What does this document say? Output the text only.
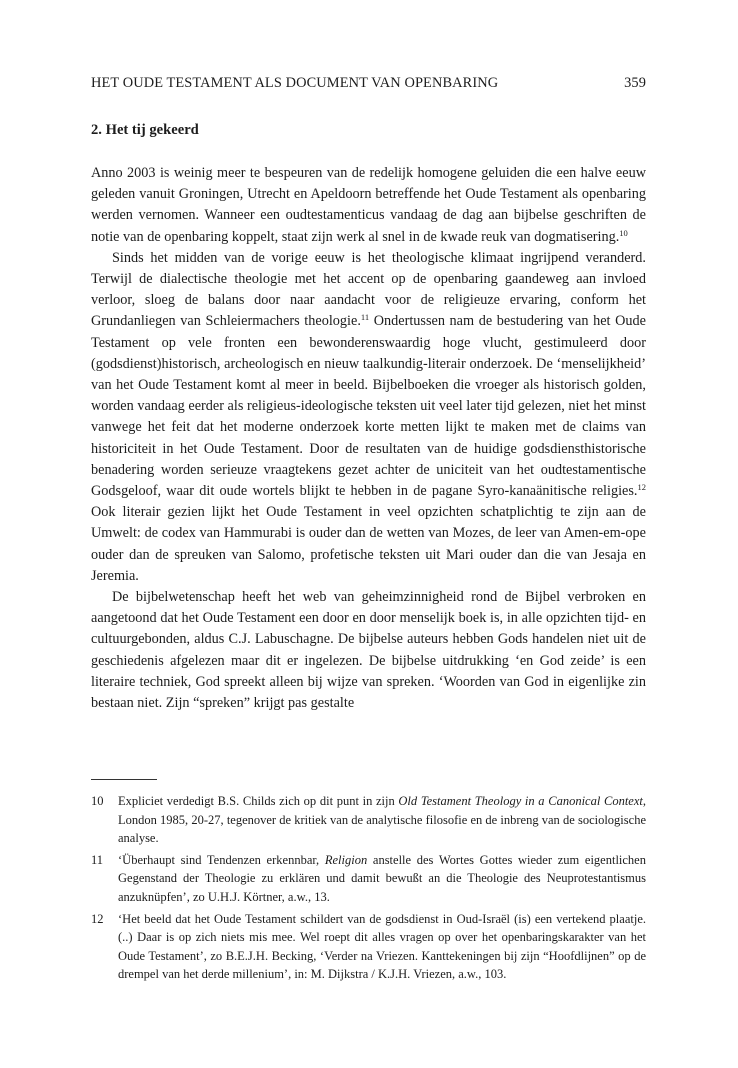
HET OUDE TESTAMENT ALS DOCUMENT VAN OPENBARING	359
2. Het tij gekeerd

Anno 2003 is weinig meer te bespeuren van de redelijk homogene geluiden die een halve eeuw geleden vanuit Groningen, Utrecht en Apeldoorn betreffende het Oude Testament als openbaring werden vernomen. Wanneer een oudtestamenticus vandaag de dag aan bijbelse geschriften de notie van de openbaring koppelt, staat zijn werk al snel in de kwade reuk van dogmatisering.$^{10}$

Sinds het midden van de vorige eeuw is het theologische klimaat ingrijpend veranderd. Terwijl de dialectische theologie met het accent op de openbaring gaandeweg aan invloed verloor, sloeg de balans door naar aandacht voor de religieuze ervaring, conform het Grundanliegen van Schleiermachers theologie.$^{11}$ Ondertussen nam de bestudering van het Oude Testament op vele fronten een bewonderenswaardig hoge vlucht, gestimuleerd door (godsdienst)historisch, archeologisch en nieuw taalkundig-literair onderzoek. De ‘menselijkheid’ van het Oude Testament komt al meer in beeld. Bijbelboeken die vroeger als historisch golden, worden vandaag eerder als religieus-ideologische teksten uit veel later tijd gelezen, niet het minst vanwege het feit dat het moderne onderzoek korte metten lijkt te maken met de claims van historiciteit in het Oude Testament. Door de resultaten van de huidige godsdiensthistorische benadering worden serieuze vraagtekens gezet achter de uniciteit van het oudtestamentische Godsgeloof, waar dit oude wortels blijkt te hebben in de pagane Syro-kanaänitische religies.$^{12}$ Ook literair gezien lijkt het Oude Testament in veel opzichten schatplichtig te zijn aan de Umwelt: de codex van Hammurabi is ouder dan de wetten van Mozes, de leer van Amen-em-ope ouder dan de spreuken van Salomo, profetische teksten uit Mari ouder dan die van Jesaja en Jeremia.

De bijbelwetenschap heeft het web van geheimzinnigheid rond de Bijbel verbroken en aangetoond dat het Oude Testament een door en door menselijk boek is, in alle opzichten tijd- en cultuurgebonden, aldus C.J. Labuschagne. De bijbelse auteurs hebben Gods handelen niet uit de geschiedenis afgelezen maar dit er ingelezen. De bijbelse uitdrukking ‘en God zeide’ is een literaire techniek, God spreekt alleen bij wijze van spreken. ‘Woorden van God in eigenlijke zin bestaan niet. Zijn “spreken” krijgt pas gestalte

10 Expliciet verdedigt B.S. Childs zich op dit punt in zijn Old Testament Theology in a Canonical Context, London 1985, 20-27, tegenover de kritiek van de analytische filosofie en de inbreng van de sociologische analyse.
11 ‘Überhaupt sind Tendenzen erkennbar, Religion anstelle des Wortes Gottes wieder zum eigentlichen Gegenstand der Theologie zu erklären und damit bewußt an die Theologie des Neuprotestantismus anzuknüpfen’, zo U.H.J. Körtner, a.w., 13.
12 ‘Het beeld dat het Oude Testament schildert van de godsdienst in Oud-Israël (is) een vertekend plaatje. (..) Daar is op zich niets mis mee. Wel roept dit alles vragen op over het openbaringskarakter van het Oude Testament’, zo B.E.J.H. Becking, ‘Verder na Vriezen. Kanttekeningen bij zijn “Hoofdlijnen” op de drempel van het derde millenium’, in: M. Dijkstra / K.J.H. Vriezen, a.w., 103.
